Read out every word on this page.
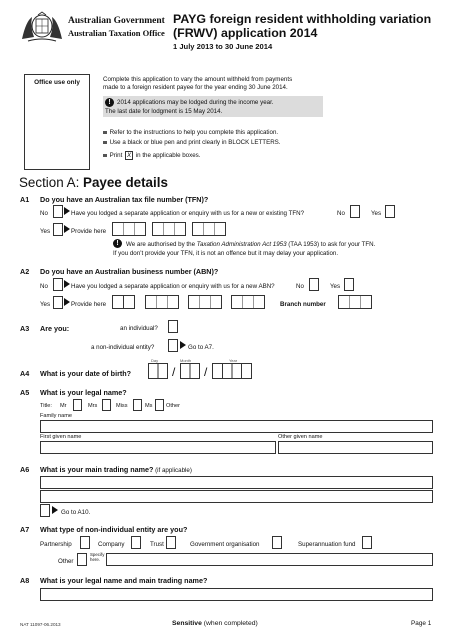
Australian Government
Australian Taxation Office
PAYG foreign resident withholding variation
(FRWV) application 2014
1 July 2013 to 30 June 2014
Office use only	Complete this application to vary the amount withheld from payments
made to a foreign resident payee for the year ending 30 June 2014.
!	2014 applications may be lodged during the income year.
The last date for lodgment is 15 May 2014.
Refer to the instructions to help you complete this application.
Use a black or blue pen and print clearly in BLOCK LETTERS.
Print X in the applicable boxes.
Section A: Payee details
A1 Do you have an Australian tax file number (TFN)?
No	Have you lodged a separate application or enquiry with us for a new or existing TFN?	No	Yes
Yes	Provide here
!	We are authorised by the Taxation Administration Act 1953 (TAA 1953) to ask for your TFN.
If you don’t provide your TFN, it is not an offence but it may delay your application.
A2 Do you have an Australian business number (ABN)?
No	Have you lodged a separate application or enquiry with us for a new ABN?	No	Yes
Yes	Provide here	Branch number
A3 Are you:	an individual?
a non-individual entity?	Go to A7.
Day	Month	Year
A4 What is your date of birth?	/ /
A5 What is your legal name?
Title: Mr	Mrs	Miss	Ms Other
Family name
First given name	Other given name
A6 What is your main trading name? (if applicable)
Go to A10.
A7 What type of non-individual entity are you?
Partnership	Company	Trust	Government organisation	Superannuation fund
Other
Specify
here.
A8 What is your legal name and main trading name?
NAT 11097-06.2013	Sensitive (when completed)	Page 1
